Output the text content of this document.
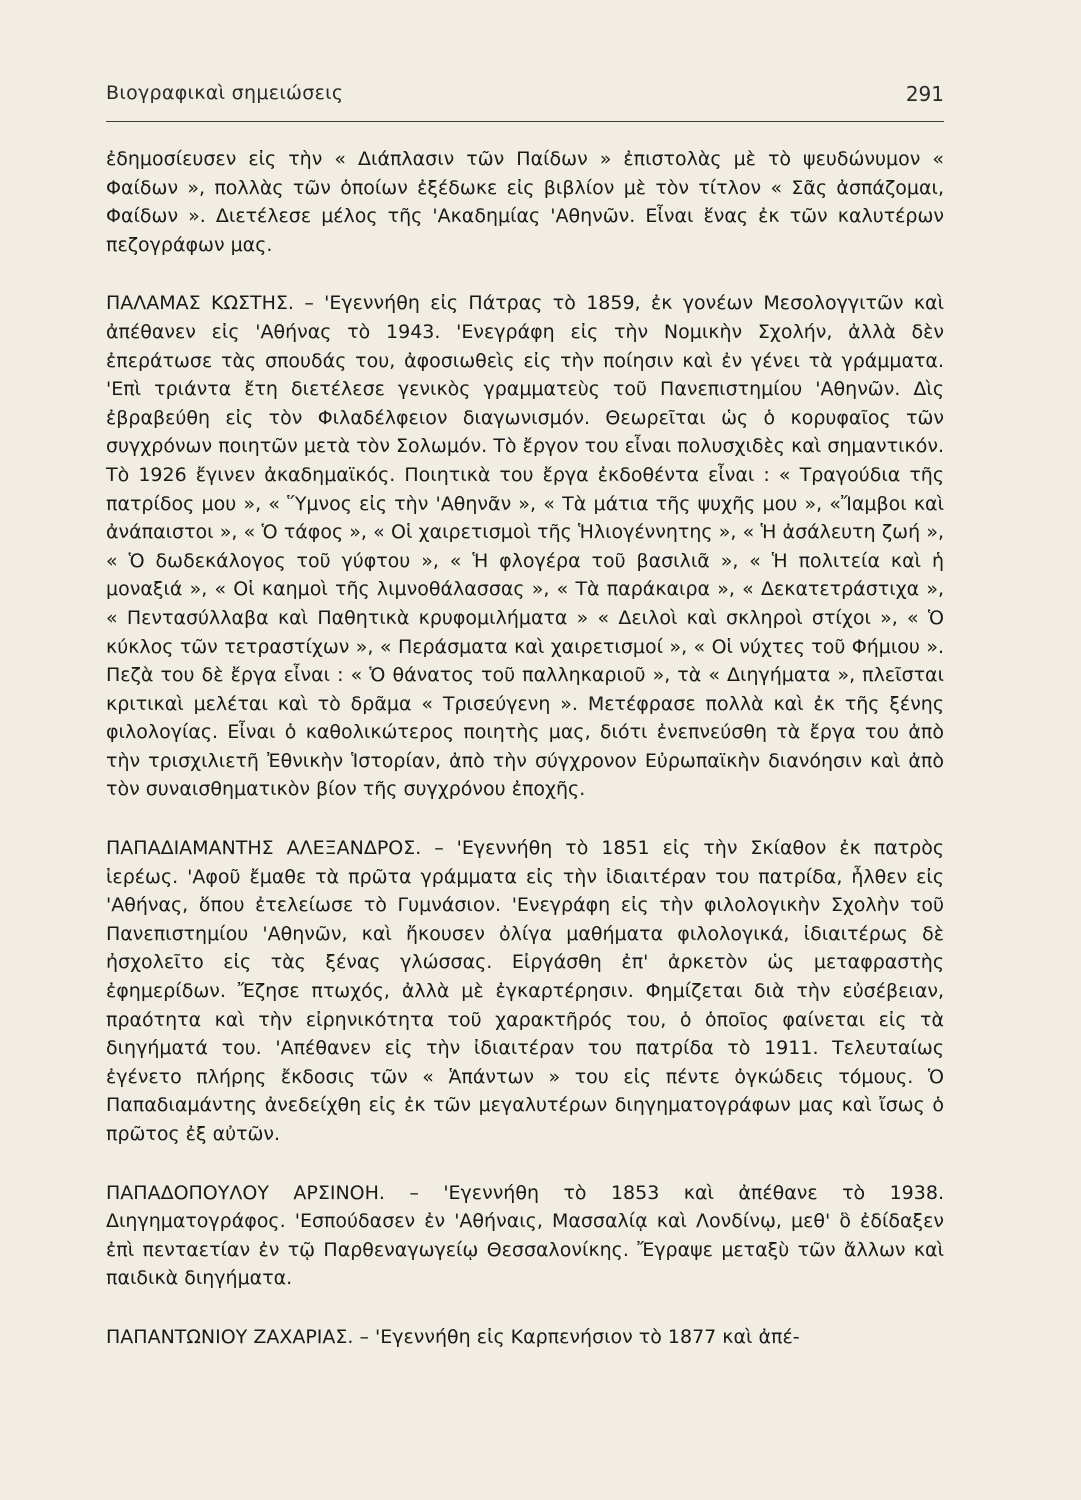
Βιογραφικαὶ σημειώσεις	291

ἐδημοσίευσεν εἰς τὴν « Διάπλασιν τῶν Παίδων » ἐπιστολὰς μὲ τὸ ψευδώνυμον « Φαίδων », πολλὰς τῶν ὁποίων ἐξέδωκε εἰς βιβλίον μὲ τὸν τίτλον « Σᾶς ἀσπάζομαι, Φαίδων ». Διετέλεσε μέλος τῆς 'Ακαδημίας 'Αθηνῶν. Εἶναι ἕνας ἐκ τῶν καλυτέρων πεζογράφων μας.

ΠΑΛΑΜΑΣ ΚΩΣΤΗΣ. – 'Εγεννήθη εἰς Πάτρας τὸ 1859, ἐκ γονέων Μεσολογγιτῶν καὶ ἀπέθανεν εἰς 'Αθήνας τὸ 1943. 'Ενεγράφη εἰς τὴν Νομικὴν Σχολήν, ἀλλὰ δὲν ἐπεράτωσε τὰς σπουδάς του, ἀφοσιωθεὶς εἰς τὴν ποίησιν καὶ ἐν γένει τὰ γράμματα. 'Επὶ τριάντα ἔτη διετέλεσε γενικὸς γραμματεὺς τοῦ Πανεπιστημίου 'Αθηνῶν. Δὶς ἐβραβεύθη εἰς τὸν Φιλαδέλφειον διαγωνισμόν. Θεωρεῖται ὡς ὁ κορυφαῖος τῶν συγχρόνων ποιητῶν μετὰ τὸν Σολωμόν. Τὸ ἔργον του εἶναι πολυσχιδὲς καὶ σημαντικόν. Τὸ 1926 ἔγινεν ἀκαδημαϊκός. Ποιητικὰ του ἔργα ἐκδοθέντα εἶναι : « Τραγούδια τῆς πατρίδος μου », « Ὕμνος εἰς τὴν 'Αθηνᾶν », « Τὰ μάτια τῆς ψυχῆς μου », «Ἴαμβοι καὶ ἀνάπαιστοι », « Ὁ τάφος », « Οἱ χαιρετισμοὶ τῆς Ἡλιογέννητης », « Ἡ ἀσάλευτη ζωή », « Ὁ δωδεκάλογος τοῦ γύφτου », « Ἡ φλογέρα τοῦ βασιλιᾶ », « Ἡ πολιτεία καὶ ἡ μοναξιά », « Οἱ καημοὶ τῆς λιμνοθάλασσας », « Τὰ παράκαιρα », « Δεκατετράστιχα », « Πεντασύλλαβα καὶ Παθητικὰ κρυφομιλήματα » « Δειλοὶ καὶ σκληροὶ στίχοι », « Ὁ κύκλος τῶν τετραστίχων », « Περάσματα καὶ χαιρετισμοί », « Οἱ νύχτες τοῦ Φήμιου ». Πεζὰ του δὲ ἔργα εἶναι : « Ὁ θάνατος τοῦ παλληκαριοῦ », τὰ « Διηγήματα », πλεῖσται κριτικαὶ μελέται καὶ τὸ δρᾶμα « Τρισεύγενη ». Μετέφρασε πολλὰ καὶ ἐκ τῆς ξένης φιλολογίας. Εἶναι ὁ καθολικώτερος ποιητὴς μας, διότι ἐνεπνεύσθη τὰ ἔργα του ἀπὸ τὴν τρισχιλιετῆ Ἐθνικὴν Ἱστορίαν, ἀπὸ τὴν σύγχρονον Εὐρωπαϊκὴν διανόησιν καὶ ἀπὸ τὸν συναισθηματικὸν βίον τῆς συγχρόνου ἐποχῆς.

ΠΑΠΑΔΙΑΜΑΝΤΗΣ ΑΛΕΞΑΝΔΡΟΣ. – 'Εγεννήθη τὸ 1851 εἰς τὴν Σκίαθον ἐκ πατρὸς ἱερέως. 'Αφοῦ ἔμαθε τὰ πρῶτα γράμματα εἰς τὴν ἰδιαιτέραν του πατρίδα, ἦλθεν εἰς 'Αθήνας, ὅπου ἐτελείωσε τὸ Γυμνάσιον. 'Ενεγράφη εἰς τὴν φιλολογικὴν Σχολὴν τοῦ Πανεπιστημίου 'Αθηνῶν, καὶ ἤκουσεν ὀλίγα μαθήματα φιλολογικά, ἰδιαιτέρως δὲ ἠσχολεῖτο εἰς τὰς ξένας γλώσσας. Εἰργάσθη ἐπ' ἀρκετὸν ὡς μεταφραστὴς ἐφημερίδων. Ἔζησε πτωχός, ἀλλὰ μὲ ἐγκαρτέρησιν. Φημίζεται διὰ τὴν εὐσέβειαν, πραότητα καὶ τὴν εἰρηνικότητα τοῦ χαρακτῆρός του, ὁ ὁποῖος φαίνεται εἰς τὰ διηγήματά του. 'Απέθανεν εἰς τὴν ἰδιαιτέραν του πατρίδα τὸ 1911. Τελευταίως ἐγένετο πλήρης ἔκδοσις τῶν « Ἁπάντων » του εἰς πέντε ὀγκώδεις τόμους. Ὁ Παπαδιαμάντης ἀνεδείχθη εἰς ἐκ τῶν μεγαλυτέρων διηγηματογράφων μας καὶ ἴσως ὁ πρῶτος ἐξ αὐτῶν.

ΠΑΠΑΔΟΠΟΥΛΟΥ ΑΡΣΙΝΟΗ. – 'Εγεννήθη τὸ 1853 καὶ ἀπέθανε τὸ 1938. Διηγηματογράφος. 'Εσπούδασεν ἐν 'Αθήναις, Μασσαλίᾳ καὶ Λονδίνῳ, μεθ' ὃ ἐδίδαξεν ἐπὶ πενταετίαν ἐν τῷ Παρθεναγωγείῳ Θεσσαλονίκης. Ἔγραψε μεταξὺ τῶν ἄλλων καὶ παιδικὰ διηγήματα.

ΠΑΠΑΝΤΩΝΙΟΥ ΖΑΧΑΡΙΑΣ. – 'Εγεννήθη εἰς Καρπενήσιον τὸ 1877 καὶ ἀπέ-
